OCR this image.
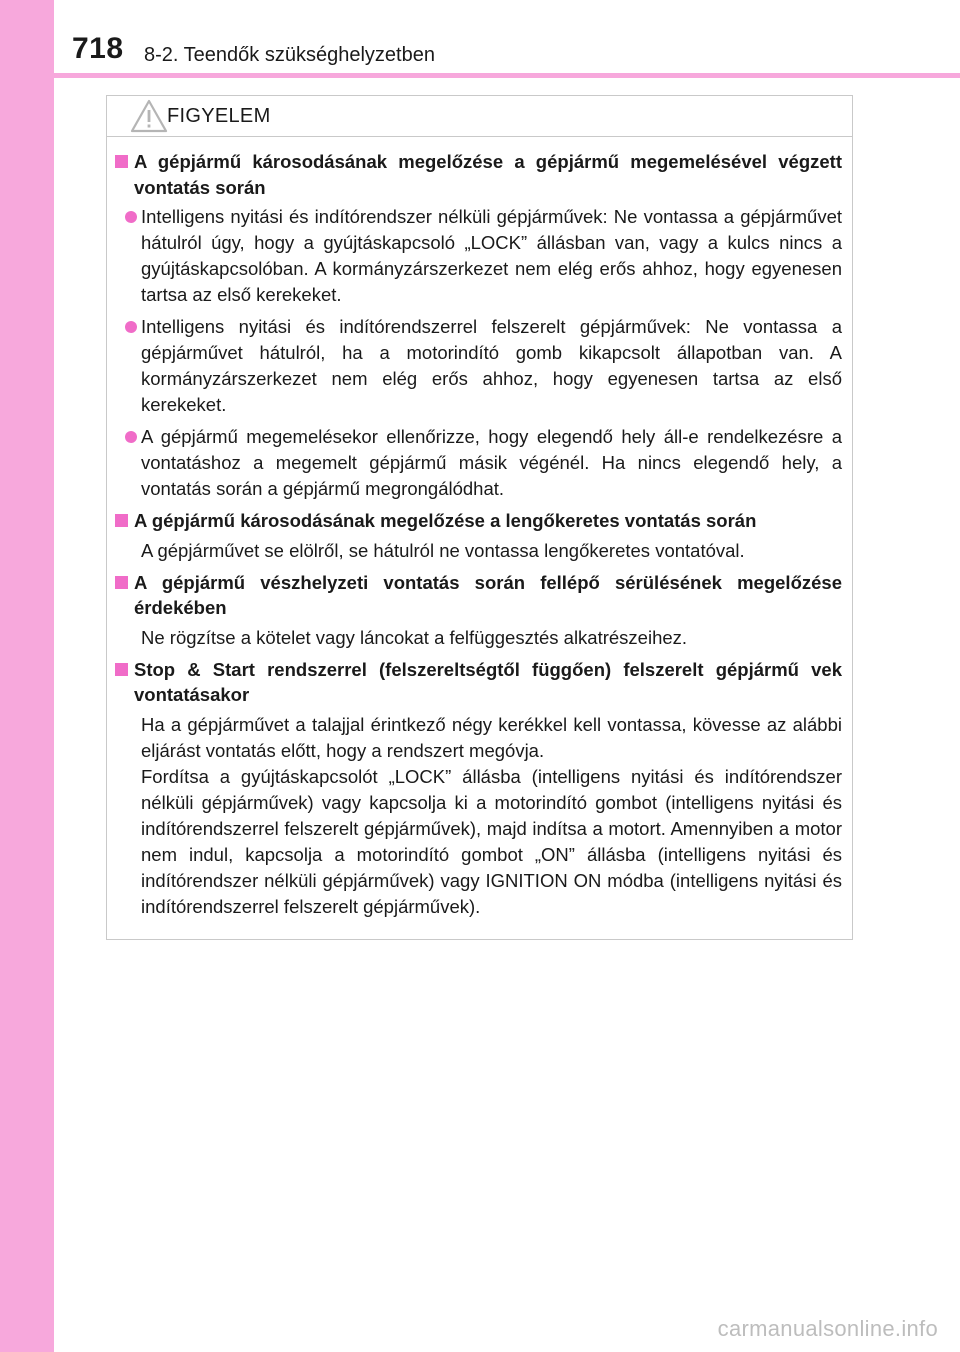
718 8-2. Teendők szükséghelyzetben
FIGYELEM
A gépjármű károsodásának megelőzése a gépjármű megemelésével végzett vontatás során
Intelligens nyitási és indítórendszer nélküli gépjárművek: Ne vontassa a gépjárművet hátulról úgy, hogy a gyújtáskapcsoló „LOCK” állásban van, vagy a kulcs nincs a gyújtáskapcsolóban. A kormányzárszerkezet nem elég erős ahhoz, hogy egyenesen tartsa az első kerekeket.
Intelligens nyitási és indítórendszerrel felszerelt gépjárművek: Ne vontassa a gépjárművet hátulról, ha a motorindító gomb kikapcsolt állapotban van. A kormányzárszerkezet nem elég erős ahhoz, hogy egyenesen tartsa az első kerekeket.
A gépjármű megemelésekor ellenőrizze, hogy elegendő hely áll-e rendelkezésre a vontatáshoz a megemelt gépjármű másik végénél. Ha nincs elegendő hely, a vontatás során a gépjármű megrongálódhat.
A gépjármű károsodásának megelőzése a lengőkeretes vontatás során
A gépjárművet se elölről, se hátulról ne vontassa lengőkeretes vontatóval.
A gépjármű vészhelyzeti vontatás során fellépő sérülésének megelőzése érdekében
Ne rögzítse a kötelet vagy láncokat a felfüggesztés alkatrészeihez.
Stop & Start rendszerrel (felszereltségtől függően) felszerelt gépjármű vek vontatásakor
Ha a gépjárművet a talajjal érintkező négy kerékkel kell vontassa, kövesse az alábbi eljárást vontatás előtt, hogy a rendszert megóvja.
Fordítsa a gyújtáskapcsolót „LOCK” állásba (intelligens nyitási és indítórendszer nélküli gépjárművek) vagy kapcsolja ki a motorindító gombot (intelligens nyitási és indítórendszerrel felszerelt gépjárművek), majd indítsa a motort. Amennyiben a motor nem indul, kapcsolja a motorindító gombot „ON” állásba (intelligens nyitási és indítórendszer nélküli gépjárművek) vagy IGNITION ON módba (intelligens nyitási és indítórendszerrel felszerelt gépjárművek).
carmanualsonline.info
